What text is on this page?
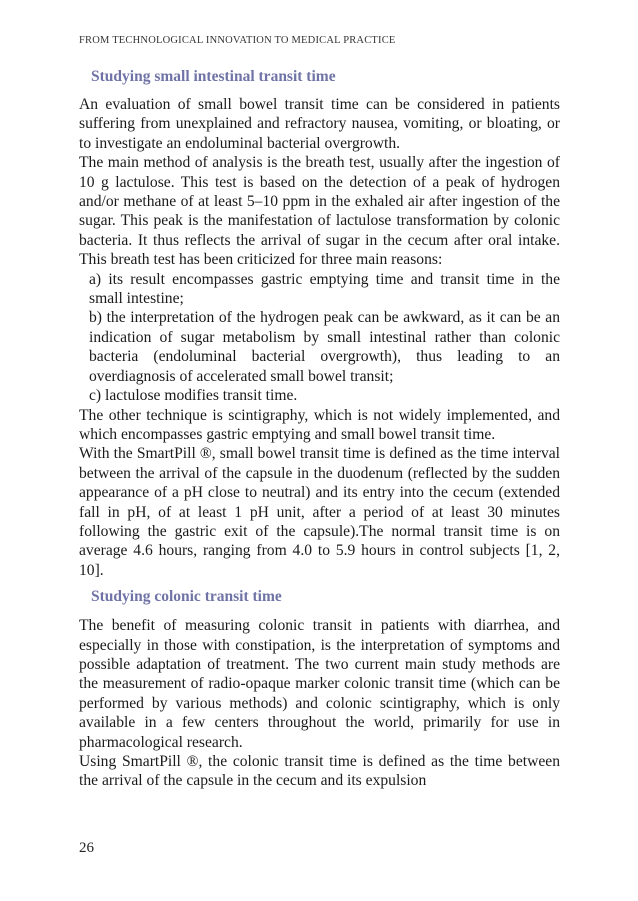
FROM TECHNOLOGICAL INNOVATION TO MEDICAL PRACTICE
Studying small intestinal transit time

An evaluation of small bowel transit time can be considered in patients suffering from unexplained and refractory nausea, vomiting, or bloating, or to investigate an endoluminal bacterial overgrowth.

The main method of analysis is the breath test, usually after the ingestion of 10 g lactulose. This test is based on the detection of a peak of hydrogen and/or methane of at least 5–10 ppm in the exhaled air after ingestion of the sugar. This peak is the manifestation of lactulose transformation by colonic bacteria. It thus reflects the arrival of sugar in the cecum after oral intake. This breath test has been criticized for three main reasons:

a) its result encompasses gastric emptying time and transit time in the small intestine;

b) the interpretation of the hydrogen peak can be awkward, as it can be an indication of sugar metabolism by small intestinal rather than colonic bacteria (endoluminal bacterial overgrowth), thus leading to an overdiagnosis of accelerated small bowel transit;

c) lactulose modifies transit time.

The other technique is scintigraphy, which is not widely implemented, and which encompasses gastric emptying and small bowel transit time.

With the SmartPill ®, small bowel transit time is defined as the time interval between the arrival of the capsule in the duodenum (reflected by the sudden appearance of a pH close to neutral) and its entry into the cecum (extended fall in pH, of at least 1 pH unit, after a period of at least 30 minutes following the gastric exit of the capsule).The normal transit time is on average 4.6 hours, ranging from 4.0 to 5.9 hours in control subjects [1, 2, 10].

Studying colonic transit time

The benefit of measuring colonic transit in patients with diarrhea, and especially in those with constipation, is the interpretation of symptoms and possible adaptation of treatment. The two current main study methods are the measurement of radio-opaque marker colonic transit time (which can be performed by various methods) and colonic scintigraphy, which is only available in a few centers throughout the world, primarily for use in pharmacological research.

Using SmartPill ®, the colonic transit time is defined as the time between the arrival of the capsule in the cecum and its expulsion

26
